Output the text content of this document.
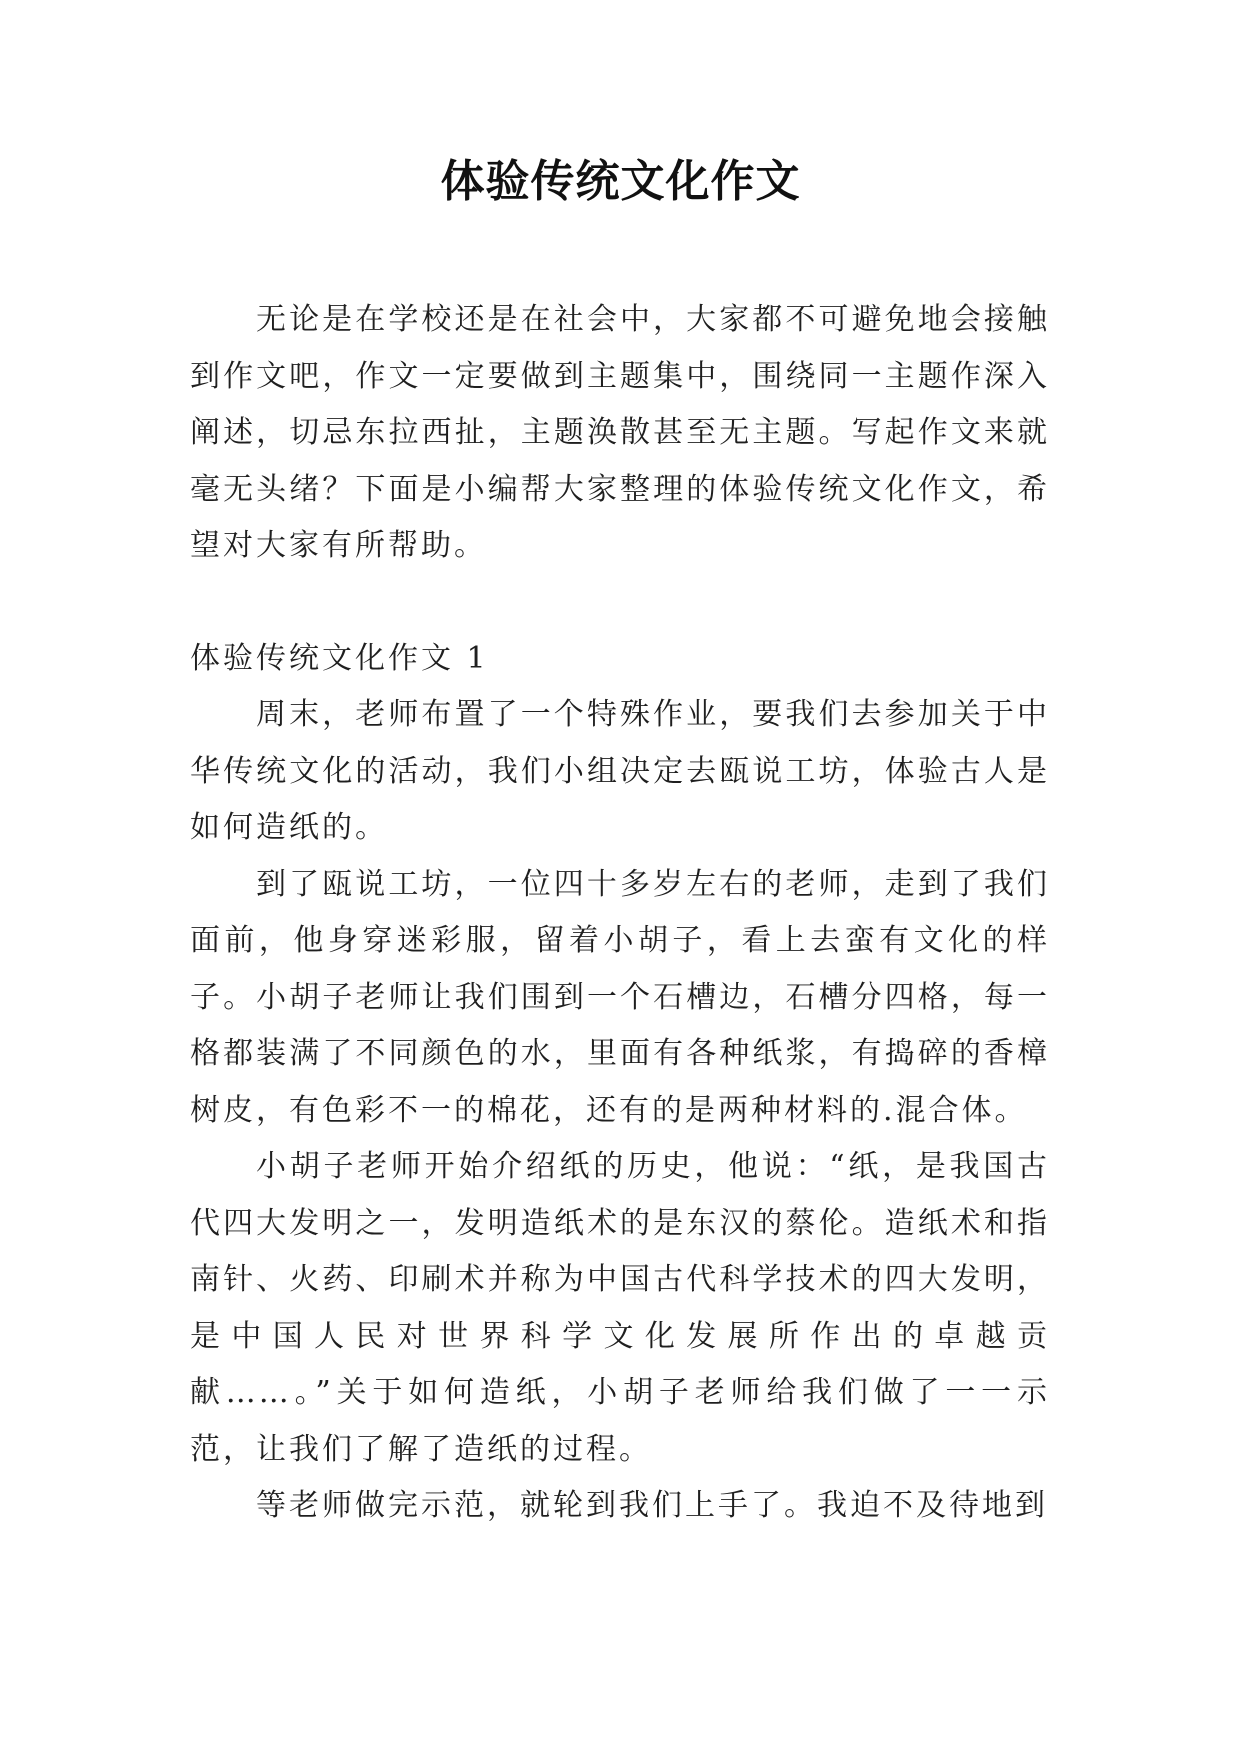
体验传统文化作文

无论是在学校还是在社会中，大家都不可避免地会接触到作文吧，作文一定要做到主题集中，围绕同一主题作深入阐述，切忌东拉西扯，主题涣散甚至无主题。写起作文来就毫无头绪？下面是小编帮大家整理的体验传统文化作文，希望对大家有所帮助。

体验传统文化作文 1

周末，老师布置了一个特殊作业，要我们去参加关于中华传统文化的活动，我们小组决定去瓯说工坊，体验古人是如何造纸的。

到了瓯说工坊，一位四十多岁左右的老师，走到了我们面前，他身穿迷彩服，留着小胡子，看上去蛮有文化的样子。小胡子老师让我们围到一个石槽边，石槽分四格，每一格都装满了不同颜色的水，里面有各种纸浆，有捣碎的香樟树皮，有色彩不一的棉花，还有的是两种材料的.混合体。

小胡子老师开始介绍纸的历史，他说：“纸，是我国古代四大发明之一，发明造纸术的是东汉的蔡伦。造纸术和指南针、火药、印刷术并称为中国古代科学技术的四大发明，是中国人民对世界科学文化发展所作出的卓越贡献……。”关于如何造纸，小胡子老师给我们做了一一示范，让我们了解了造纸的过程。

等老师做完示范，就轮到我们上手了。我迫不及待地到
